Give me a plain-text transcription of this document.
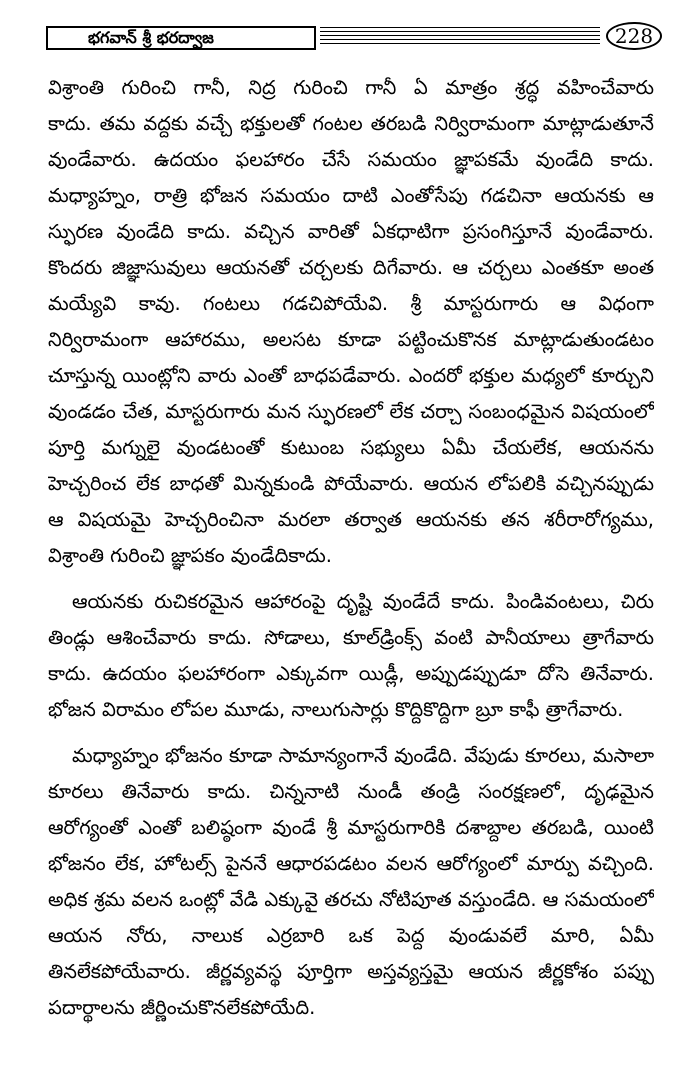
భగవాన్ శ్రీ భరద్వాజ	228
విశ్రాంతి గురించి గానీ, నిద్ర గురించి గానీ ఏ మాత్రం శ్రద్ధ వహించేవారు
కాదు. తమ వద్దకు వచ్చే భక్తులతో గంటల తరబడి నిర్విరామంగా మాట్లాడుతూనే
వుండేవారు. ఉదయం ఫలహారం చేసే సమయం జ్ఞాపకమే వుండేది కాదు.
మధ్యాహ్నం, రాత్రి భోజన సమయం దాటి ఎంతోసేపు గడచినా ఆయనకు ఆ
స్ఫురణ వుండేది కాదు. వచ్చిన వారితో ఏకధాటిగా ప్రసంగిస్తూనే వుండేవారు.
కొందరు జిజ్ఞాసువులు ఆయనతో చర్చలకు దిగేవారు. ఆ చర్చలు ఎంతకూ అంత
మయ్యేవి కావు. గంటలు గడచిపోయేవి. శ్రీ మాస్టరుగారు ఆ విధంగా
నిర్విరామంగా ఆహారము, అలసట కూడా పట్టించుకొనక మాట్లాడుతుండటం
చూస్తున్న యింట్లోని వారు ఎంతో బాధపడేవారు. ఎందరో భక్తుల మధ్యలో కూర్చుని
వుండడం చేత, మాస్టరుగారు మన స్ఫురణలో లేక చర్చా సంబంధమైన విషయంలో
పూర్తి మగ్నులై వుండటంతో కుటుంబ సభ్యులు ఏమీ చేయలేక, ఆయనను
హెచ్చరించ లేక బాధతో మిన్నకుండి పోయేవారు. ఆయన లోపలికి వచ్చినప్పుడు
ఆ విషయమై హెచ్చరించినా మరలా తర్వాత ఆయనకు తన శరీరారోగ్యము,
విశ్రాంతి గురించి జ్ఞాపకం వుండేదికాదు.
ఆయనకు రుచికరమైన ఆహారంపై దృష్టి వుండేదే కాదు. పిండివంటలు, చిరు
తిండ్లు ఆశించేవారు కాదు. సోడాలు, కూల్‌డ్రింక్స్ వంటి పానీయాలు త్రాగేవారు
కాదు. ఉదయం ఫలహారంగా ఎక్కువగా యిడ్లీ, అప్పుడప్పుడూ దోసె తినేవారు.
భోజన విరామం లోపల మూడు, నాలుగుసార్లు కొద్దికొద్దిగా బ్రూ కాఫీ త్రాగేవారు.
మధ్యాహ్నం భోజనం కూడా సామాన్యంగానే వుండేది. వేపుడు కూరలు, మసాలా
కూరలు తినేవారు కాదు. చిన్ననాటి నుండీ తండ్రి సంరక్షణలో, దృఢమైన
ఆరోగ్యంతో ఎంతో బలిష్ఠంగా వుండే శ్రీ మాస్టరుగారికి దశాబ్దాల తరబడి, యింటి
భోజనం లేక, హోటల్స్ పైననే ఆధారపడటం వలన ఆరోగ్యంలో మార్పు వచ్చింది.
అధిక శ్రమ వలన ఒంట్లో వేడి ఎక్కువై తరచు నోటిపూత వస్తుండేది. ఆ సమయంలో
ఆయన నోరు, నాలుక ఎర్రబారి ఒక పెద్ద వుండువలే మారి, ఏమీ
తినలేకపోయేవారు. జీర్ణవ్యవస్థ పూర్తిగా అస్తవ్యస్తమై ఆయన జీర్ణకోశం పప్పు
పదార్థాలను జీర్ణించుకొనలేకపోయేది.
